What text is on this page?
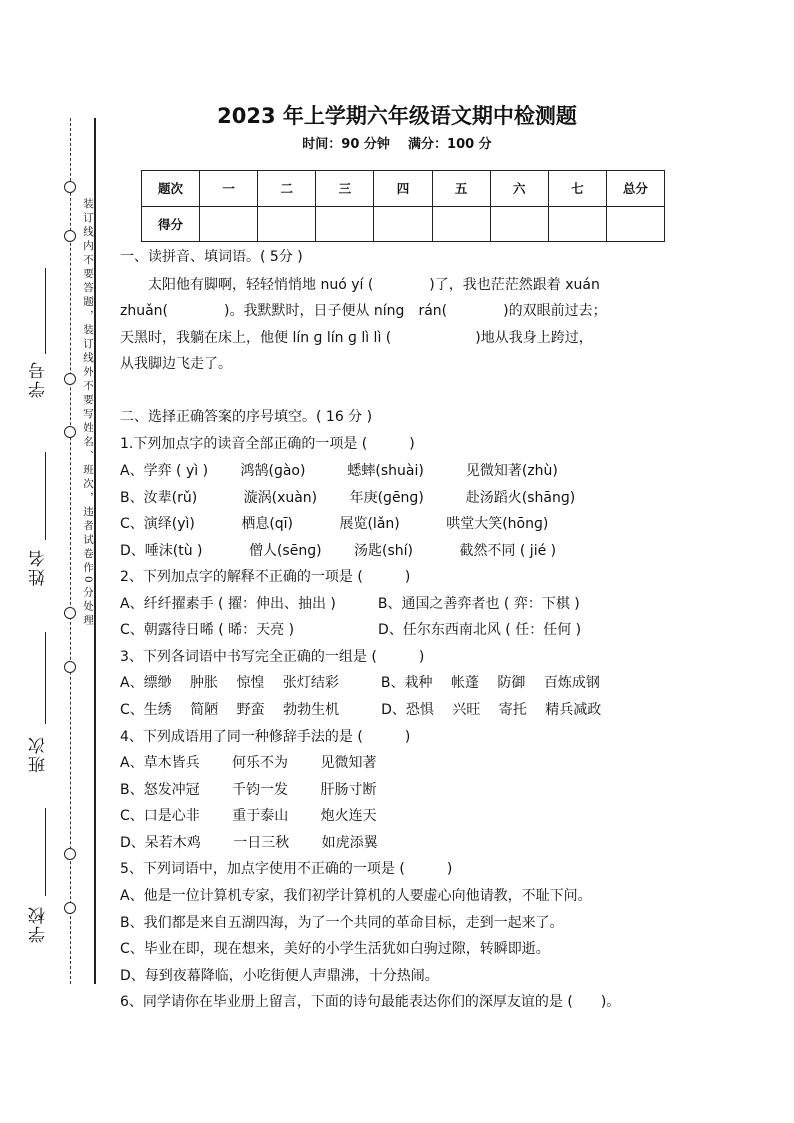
学号
姓名
班次
学校
装订线内不要答题，装订线外不要写姓名、班次，违者试卷作0分处理
2023 年上学期六年级语文期中检测题
时间：90 分钟    满分：100 分
题次	一	二	三	四	五	六	七	总分
得分								
一、读拼音、填词语。( 5分 )
　　太阳他有脚啊，轻轻悄悄地 nuó yí (　　　　)了，我也茫茫然跟着 xuán
zhuǎn(　　　　)。我默默时，日子便从 níng　rán(　　　　)的双眼前过去；
天黑时，我躺在床上，他便 lín ɡ lín ɡ lì lì (　　　　　　)地从我身上跨过，
从我脚边飞走了。
二、选择正确答案的序号填空。( 16 分 )
1.下列加点字的读音全部正确的一项是 (　　　)
A、学弈 ( yì )　　 鸿鹄(ɡào)　　　蟋蟀(shuài)　　　见微知著(zhù)
B、汝辈(rǔ)　　　 漩涡(xuàn)　　 年庚(ɡēnɡ)　　　赴汤蹈火(shānɡ)
C、演绎(yì)　　　 栖息(qī)　　　 展览(lǎn)　　　 哄堂大笑(hōnɡ)
D、唾沫(tù )　　　 僧人(sēnɡ)　　 汤匙(shí)　　　 截然不同 ( jié )
2、下列加点字的解释不正确的一项是 (　　　)
A、纤纤擢素手 ( 擢：伸出、抽出 )　　　B、通国之善弈者也 ( 弈：下棋 )
C、朝露待日晞 ( 晞：天亮 )　　　　　　D、任尔东西南北风 ( 任：任何 )
3、下列各词语中书写完全正确的一组是 (　　　)
A、缥缈　 肿胀　 惊惶　 张灯结彩　　　B、栽种　 帐蓬　 防御　 百炼成钢
C、生绣　 简陋　 野蛮　 勃勃生机　　　D、恐惧　 兴旺　 寄托　 精兵减政
4、下列成语用了同一种修辞手法的是 (　　　)
A、草木皆兵　　 何乐不为　　 见微知著
B、怒发冲冠　　 千钧一发　　 肝肠寸断
C、口是心非　　 重于泰山　　 炮火连天
D、呆若木鸡　　 一日三秋　　 如虎添翼
5、下列词语中，加点字使用不正确的一项是 (　　　)
A、他是一位计算机专家，我们初学计算机的人要虚心向他请教，不耻下问。
B、我们都是来自五湖四海，为了一个共同的革命目标，走到一起来了。
C、毕业在即，现在想来，美好的小学生活犹如白驹过隙，转瞬即逝。
D、每到夜幕降临，小吃街便人声鼎沸，十分热闹。
6、同学请你在毕业册上留言，下面的诗句最能表达你们的深厚友谊的是 (　　)。
